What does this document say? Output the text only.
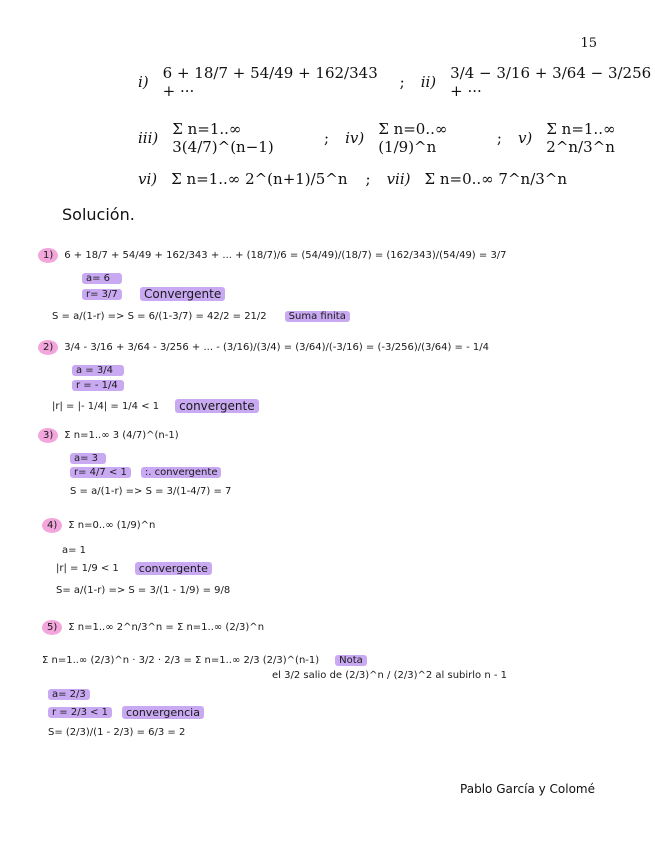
15
i) 6 + 18/7 + 54/49 + 162/343 + ···	; ii) 3/4 − 3/16 + 3/64 − 3/256 + ···
iii) Σ n=1..∞ 3(4/7)^(n−1)	; iv) Σ n=0..∞ (1/9)^n	; v) Σ n=1..∞ 2^n/3^n
vi) Σ n=1..∞ 2^(n+1)/5^n ; vii) Σ n=0..∞ 7^n/3^n
Solución.
1)	6 + 18/7 + 54/49 + 162/343 + ... + (18/7)/6 = (54/49)/(18/7) = (162/343)/(54/49) = 3/7
a= 6
r= 3/7	Convergente
S = a/(1-r) => S = 6/(1-3/7) = 42/2 = 21/2	Suma finita
2)	3/4 - 3/16 + 3/64 - 3/256 + ... - (3/16)/(3/4) = (3/64)/(-3/16) = (-3/256)/(3/64) = - 1/4
a = 3/4
r = - 1/4
|r| = |- 1/4| = 1/4 < 1	convergente
3)	Σ n=1..∞ 3 (4/7)^(n-1)
a= 3
r= 4/7 < 1	:. convergente
S = a/(1-r) => S = 3/(1-4/7) = 7
4)	Σ n=0..∞ (1/9)^n
a= 1
|r| = 1/9 < 1	convergente
S= a/(1-r) => S = 3/(1 - 1/9) = 9/8
5)	Σ n=1..∞ 2^n/3^n = Σ n=1..∞ (2/3)^n
Σ n=1..∞ (2/3)^n · 3/2 · 2/3 = Σ n=1..∞ 2/3 (2/3)^(n-1)	Nota
el 3/2 salio de (2/3)^n / (2/3)^2 al subirlo n - 1
a= 2/3
r = 2/3 < 1	convergencia
S= (2/3)/(1 - 2/3) = 6/3 = 2
Pablo García y Colomé
